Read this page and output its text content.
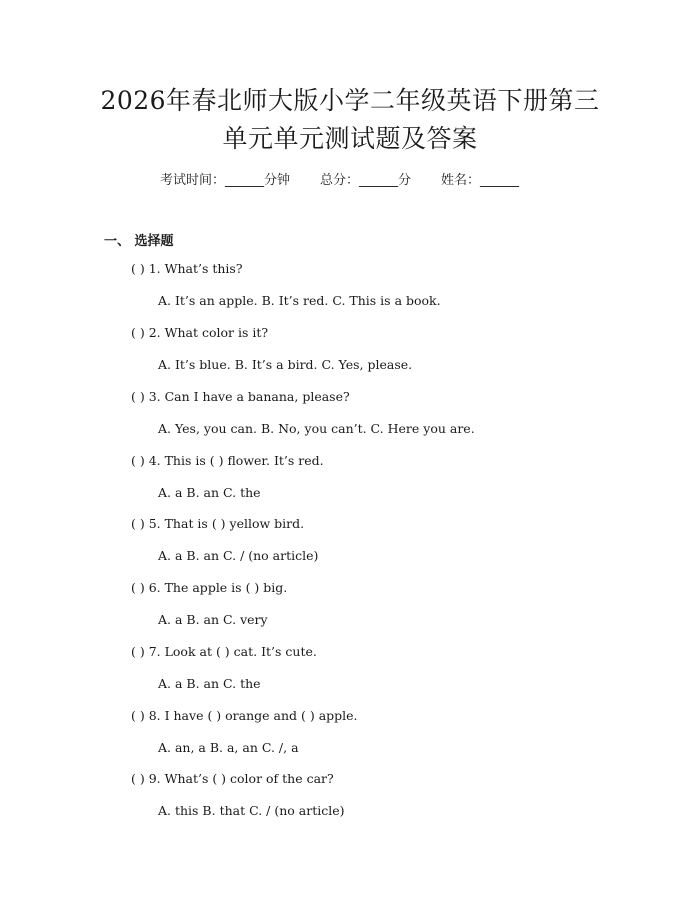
2026年春北师大版小学二年级英语下册第三
单元单元测试题及答案
考试时间：______分钟 总分：______分 姓名：______
一、 选择题
( ) 1. What’s this?
A. It’s an apple. B. It’s red. C. This is a book.
( ) 2. What color is it?
A. It’s blue. B. It’s a bird. C. Yes, please.
( ) 3. Can I have a banana, please?
A. Yes, you can. B. No, you can’t. C. Here you are.
( ) 4. This is ( ) flower. It’s red.
A. a B. an C. the
( ) 5. That is ( ) yellow bird.
A. a B. an C. / (no article)
( ) 6. The apple is ( ) big.
A. a B. an C. very
( ) 7. Look at ( ) cat. It’s cute.
A. a B. an C. the
( ) 8. I have ( ) orange and ( ) apple.
A. an, a B. a, an C. /, a
( ) 9. What’s ( ) color of the car?
A. this B. that C. / (no article)
